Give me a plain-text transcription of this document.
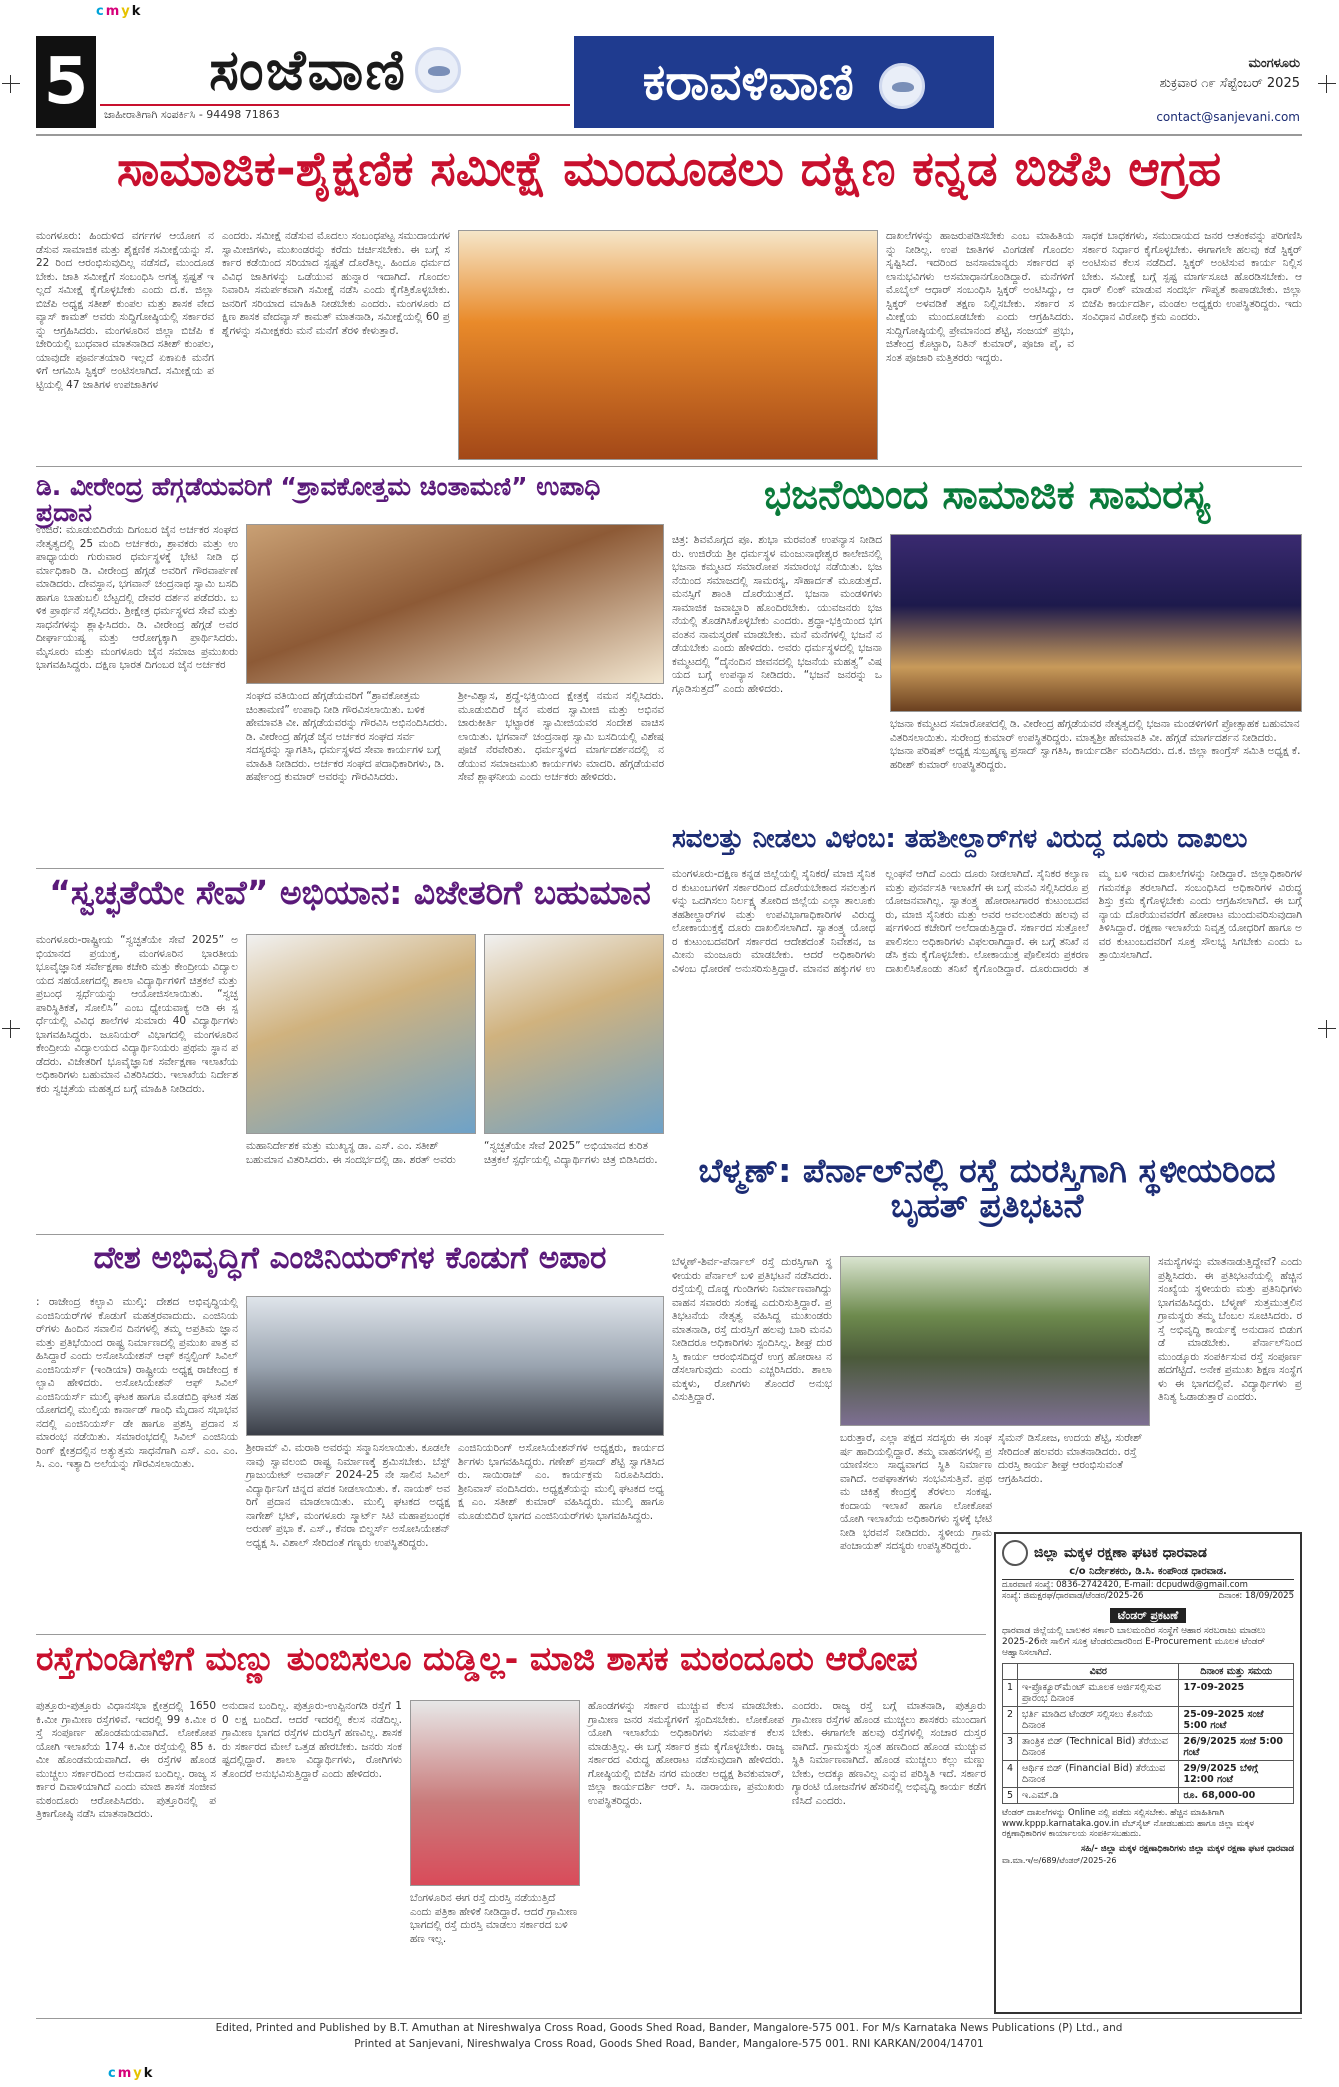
cmyk
cmyk
5 ಸಂಜೆವಾಣಿ
ಜಾಹೀರಾತಿಗಾಗಿ ಸಂಪರ್ಕಿಸಿ - 94498 71863
ಕರಾವಳಿವಾಣಿ	ಮಂಗಳೂರು
ಶುಕ್ರವಾರ ೧೯ ಸೆಪ್ಟೆಂಬರ್ 2025
contact@sanjevani.com
ಸಾಮಾಜಿಕ-ಶೈಕ್ಷಣಿಕ ಸಮೀಕ್ಷೆ ಮುಂದೂಡಲು ದಕ್ಷಿಣ ಕನ್ನಡ ಬಿಜೆಪಿ ಆಗ್ರಹ
ಮಂಗಳೂರು: ಹಿಂದುಳಿದ ವರ್ಗಗಳ ಆಯೋಗ ನಡೆಸುವ ಸಾಮಾಜಿಕ ಮತ್ತು ಶೈಕ್ಷಣಿಕ ಸಮೀಕ್ಷೆಯನ್ನು ಸೆ. 22 ರಿಂದ ಆರಂಭಿಸುವುದಿಲ್ಲ ನಡೆಸದೆ, ಮುಂದೂಡಬೇಕು. ಜಾತಿ ಸಮೀಕ್ಷೆಗೆ ಸಂಬಂಧಿಸಿ ಅಗತ್ಯ ಸ್ಪಷ್ಟತೆ ಇಲ್ಲದೆ ಸಮೀಕ್ಷೆ ಕೈಗೊಳ್ಳಬೇಕು ಎಂದು ದ.ಕ. ಜಿಲ್ಲಾ ಬಿಜೆಪಿ ಅಧ್ಯಕ್ಷ ಸತೀಶ್ ಕುಂಪಲ ಮತ್ತು ಶಾಸಕ ವೇದವ್ಯಾಸ್ ಕಾಮತ್ ಅವರು ಸುದ್ದಿಗೋಷ್ಠಿಯಲ್ಲಿ ಸರ್ಕಾರವನ್ನು ಆಗ್ರಹಿಸಿದರು. ಮಂಗಳೂರಿನ ಜಿಲ್ಲಾ ಬಿಜೆಪಿ ಕಚೇರಿಯಲ್ಲಿ ಬುಧವಾರ ಮಾತನಾಡಿದ ಸತೀಶ್ ಕುಂಪಲ, ಯಾವುದೇ ಪೂರ್ವತಯಾರಿ ಇಲ್ಲದೆ ಏಕಾಏಕಿ ಮನೆಗಳಿಗೆ ಆಗಮಿಸಿ ಸ್ಟಿಕ್ಕರ್ ಅಂಟಿಸಲಾಗಿದೆ. ಸಮೀಕ್ಷೆಯ ಪಟ್ಟಿಯಲ್ಲಿ 47 ಜಾತಿಗಳ ಉಪಜಾತಿಗಳ
ಎಂದರು. ಸಮೀಕ್ಷೆ ನಡೆಸುವ ಮೊದಲು ಸಂಬಂಧಪಟ್ಟ ಸಮುದಾಯಗಳ ಸ್ವಾಮೀಜಿಗಳು, ಮುಖಂಡರನ್ನು ಕರೆದು ಚರ್ಚಿಸಬೇಕು. ಈ ಬಗ್ಗೆ ಸರ್ಕಾರ ಕಡೆಯಿಂದ ಸರಿಯಾದ ಸ್ಪಷ್ಟತೆ ದೊರೆತಿಲ್ಲ. ಹಿಂದೂ ಧರ್ಮದ ವಿವಿಧ ಜಾತಿಗಳನ್ನು ಒಡೆಯುವ ಹುನ್ನಾರ ಇದಾಗಿದೆ. ಗೊಂದಲ ನಿವಾರಿಸಿ ಸಮರ್ಪಕವಾಗಿ ಸಮೀಕ್ಷೆ ನಡೆಸಿ ಎಂದು ಕೈಗೆತ್ತಿಕೊಳ್ಳಬೇಕು. ಜನರಿಗೆ ಸರಿಯಾದ ಮಾಹಿತಿ ನೀಡಬೇಕು ಎಂದರು. ಮಂಗಳೂರು ದಕ್ಷಿಣ ಶಾಸಕ ವೇದವ್ಯಾಸ್ ಕಾಮತ್ ಮಾತನಾಡಿ, ಸಮೀಕ್ಷೆಯಲ್ಲಿ 60 ಪ್ರಶ್ನೆಗಳನ್ನು ಸಮೀಕ್ಷಕರು ಮನೆ ಮನೆಗೆ ತೆರಳಿ ಕೇಳುತ್ತಾರೆ.
ದಾಖಲೆಗಳನ್ನು ಹಾಜರುಪಡಿಸಬೇಕು ಎಂಬ ಮಾಹಿತಿಯನ್ನು ನೀಡಿಲ್ಲ. ಉಪ ಜಾತಿಗಳ ವಿಂಗಡಣೆ ಗೊಂದಲ ಸೃಷ್ಟಿಸಿದೆ. ಇದರಿಂದ ಜನಸಾಮಾನ್ಯರು ಸರ್ಕಾರದ ಫಲಾನುಭವಿಗಳು ಅಸಮಾಧಾನಗೊಂಡಿದ್ದಾರೆ. ಮನೆಗಳಿಗೆ ಮೊಬೈಲ್ ಆಧಾರ್ ಸಂಬಂಧಿಸಿ ಸ್ಟಿಕ್ಕರ್ ಅಂಟಿಸಿದ್ದು, ಆ ಸ್ಟಿಕ್ಕರ್ ಅಳವಡಿಕೆ ತಕ್ಷಣ ನಿಲ್ಲಿಸಬೇಕು. ಸರ್ಕಾರ ಸಮೀಕ್ಷೆಯ ಮುಂದೂಡಬೇಕು ಎಂದು ಆಗ್ರಹಿಸಿದರು. ಸುದ್ದಿಗೋಷ್ಠಿಯಲ್ಲಿ ಪ್ರೇಮಾನಂದ ಶೆಟ್ಟಿ, ಸಂಜಯ್ ಪ್ರಭು, ಜಿತೇಂದ್ರ ಕೊಟ್ಟಾರಿ, ನಿತಿನ್ ಕುಮಾರ್, ಪೂಜಾ ಪೈ, ವಸಂತ ಪೂಜಾರಿ ಮತ್ತಿತರರು ಇದ್ದರು.
ಸಾಧಕ ಬಾಧಕಗಳು, ಸಮುದಾಯದ ಜನರ ಆತಂಕವನ್ನು ಪರಿಗಣಿಸಿ ಸರ್ಕಾರ ನಿರ್ಧಾರ ಕೈಗೊಳ್ಳಬೇಕು. ಈಗಾಗಲೇ ಹಲವು ಕಡೆ ಸ್ಟಿಕ್ಕರ್ ಅಂಟಿಸುವ ಕೆಲಸ ನಡೆದಿದೆ. ಸ್ಟಿಕ್ಕರ್ ಅಂಟಿಸುವ ಕಾರ್ಯ ನಿಲ್ಲಿಸಬೇಕು. ಸಮೀಕ್ಷೆ ಬಗ್ಗೆ ಸ್ಪಷ್ಟ ಮಾರ್ಗಸೂಚಿ ಹೊರಡಿಸಬೇಕು. ಆಧಾರ್ ಲಿಂಕ್ ಮಾಡುವ ಸಂದರ್ಭ ಗೌಪ್ಯತೆ ಕಾಪಾಡಬೇಕು. ಜಿಲ್ಲಾ ಬಿಜೆಪಿ ಕಾರ್ಯದರ್ಶಿ, ಮಂಡಲ ಅಧ್ಯಕ್ಷರು ಉಪಸ್ಥಿತರಿದ್ದರು. ಇದು ಸಂವಿಧಾನ ವಿರೋಧಿ ಕ್ರಮ ಎಂದರು.
ಡಿ. ವೀರೇಂದ್ರ ಹೆಗ್ಗಡೆಯವರಿಗೆ “ಶ್ರಾವಕೋತ್ತಮ ಚಿಂತಾಮಣಿ” ಉಪಾಧಿ ಪ್ರದಾನ
ಉಜಿರೆ: ಮೂಡುಬಿದಿರೆಯ ದಿಗಂಬರ ಜೈನ ಅರ್ಚಕರ ಸಂಘದ ನೇತೃತ್ವದಲ್ಲಿ 25 ಮಂದಿ ಅರ್ಚಕರು, ಶ್ರಾವಕರು ಮತ್ತು ಉಪಾಧ್ಯಾಯರು ಗುರುವಾರ ಧರ್ಮಸ್ಥಳಕ್ಕೆ ಭೇಟಿ ನೀಡಿ ಧರ್ಮಾಧಿಕಾರಿ ಡಿ. ವೀರೇಂದ್ರ ಹೆಗ್ಗಡೆ ಅವರಿಗೆ ಗೌರವಾರ್ಪಣೆ ಮಾಡಿದರು. ದೇವಸ್ಥಾನ, ಭಗವಾನ್ ಚಂದ್ರನಾಥ ಸ್ವಾಮಿ ಬಸದಿ ಹಾಗೂ ಬಾಹುಬಲಿ ಬೆಟ್ಟದಲ್ಲಿ ದೇವರ ದರ್ಶನ ಪಡೆದರು. ಬಳಿಕ ಪ್ರಾರ್ಥನೆ ಸಲ್ಲಿಸಿದರು. ಶ್ರೀಕ್ಷೇತ್ರ ಧರ್ಮಸ್ಥಳದ ಸೇವೆ ಮತ್ತು ಸಾಧನೆಗಳನ್ನು ಶ್ಲಾಘಿಸಿದರು. ಡಿ. ವೀರೇಂದ್ರ ಹೆಗ್ಗಡೆ ಅವರ ದೀರ್ಘಾಯುಷ್ಯ ಮತ್ತು ಆರೋಗ್ಯಕ್ಕಾಗಿ ಪ್ರಾರ್ಥಿಸಿದರು. ಮೈಸೂರು ಮತ್ತು ಮಂಗಳೂರು ಜೈನ ಸಮಾಜ ಪ್ರಮುಖರು ಭಾಗವಹಿಸಿದ್ದರು. ದಕ್ಷಿಣ ಭಾರತ ದಿಗಂಬರ ಜೈನ ಅರ್ಚಕರ
ಸಂಘದ ವತಿಯಿಂದ ಹೆಗ್ಗಡೆಯವರಿಗೆ “ಶ್ರಾವಕೋತ್ತಮ ಚಿಂತಾಮಣಿ” ಉಪಾಧಿ ನೀಡಿ ಗೌರವಿಸಲಾಯಿತು. ಬಳಿಕ ಹೇಮಾವತಿ ವೀ. ಹೆಗ್ಗಡೆಯವರನ್ನು ಗೌರವಿಸಿ ಅಭಿನಂದಿಸಿದರು. ಡಿ. ವೀರೇಂದ್ರ ಹೆಗ್ಗಡೆ ಜೈನ ಅರ್ಚಕರ ಸಂಘದ ಸರ್ವ ಸದಸ್ಯರನ್ನು ಸ್ವಾಗತಿಸಿ, ಧರ್ಮಸ್ಥಳದ ಸೇವಾ ಕಾರ್ಯಗಳ ಬಗ್ಗೆ ಮಾಹಿತಿ ನೀಡಿದರು. ಅರ್ಚಕರ ಸಂಘದ ಪದಾಧಿಕಾರಿಗಳು, ಡಿ. ಹರ್ಷೇಂದ್ರ ಕುಮಾರ್ ಅವರನ್ನು ಗೌರವಿಸಿದರು.
ಶ್ರೀ-ವಿಶ್ವಾಸ, ಶ್ರದ್ಧೆ-ಭಕ್ತಿಯಿಂದ ಕ್ಷೇತ್ರಕ್ಕೆ ನಮನ ಸಲ್ಲಿಸಿದರು. ಮೂಡುಬಿದಿರೆ ಜೈನ ಮಠದ ಸ್ವಾಮೀಜಿ ಮತ್ತು ಅಭಿನವ ಚಾರುಕೀರ್ತಿ ಭಟ್ಟಾರಕ ಸ್ವಾಮೀಜಿಯವರ ಸಂದೇಶ ವಾಚಿಸಲಾಯಿತು. ಭಗವಾನ್ ಚಂದ್ರನಾಥ ಸ್ವಾಮಿ ಬಸದಿಯಲ್ಲಿ ವಿಶೇಷ ಪೂಜೆ ನೆರವೇರಿತು. ಧರ್ಮಸ್ಥಳದ ಮಾರ್ಗದರ್ಶನದಲ್ಲಿ ನಡೆಯುವ ಸಮಾಜಮುಖಿ ಕಾರ್ಯಗಳು ಮಾದರಿ. ಹೆಗ್ಗಡೆಯವರ ಸೇವೆ ಶ್ಲಾಘನೀಯ ಎಂದು ಅರ್ಚಕರು ಹೇಳಿದರು.
ಭಜನೆಯಿಂದ ಸಾಮಾಜಿಕ ಸಾಮರಸ್ಯ
ಚಿತ್ರ: ಶಿವಮೊಗ್ಗದ ಪೂ. ಶುಭಾ ಮರವಂತೆ ಉಪನ್ಯಾಸ ನೀಡಿದರು. ಉಜಿರೆಯ ಶ್ರೀ ಧರ್ಮಸ್ಥಳ ಮಂಜುನಾಥೇಶ್ವರ ಕಾಲೇಜಿನಲ್ಲಿ ಭಜನಾ ಕಮ್ಮಟದ ಸಮಾರೋಪ ಸಮಾರಂಭ ನಡೆಯಿತು. ಭಜನೆಯಿಂದ ಸಮಾಜದಲ್ಲಿ ಸಾಮರಸ್ಯ, ಸೌಹಾರ್ದತೆ ಮೂಡುತ್ತದೆ. ಮನಸ್ಸಿಗೆ ಶಾಂತಿ ದೊರೆಯುತ್ತದೆ. ಭಜನಾ ಮಂಡಳಿಗಳು ಸಾಮಾಜಿಕ ಜವಾಬ್ದಾರಿ ಹೊಂದಿರಬೇಕು. ಯುವಜನರು ಭಜನೆಯಲ್ಲಿ ತೊಡಗಿಸಿಕೊಳ್ಳಬೇಕು ಎಂದರು. ಶ್ರದ್ಧಾ-ಭಕ್ತಿಯಿಂದ ಭಗವಂತನ ನಾಮಸ್ಮರಣೆ ಮಾಡಬೇಕು. ಮನೆ ಮನೆಗಳಲ್ಲಿ ಭಜನೆ ನಡೆಯಬೇಕು ಎಂದು ಹೇಳಿದರು. ಅವರು ಧರ್ಮಸ್ಥಳದಲ್ಲಿ ಭಜನಾ ಕಮ್ಮಟದಲ್ಲಿ “ದೈನಂದಿನ ಜೀವನದಲ್ಲಿ ಭಜನೆಯ ಮಹತ್ವ” ವಿಷಯದ ಬಗ್ಗೆ ಉಪನ್ಯಾಸ ನೀಡಿದರು. “ಭಜನೆ ಜನರನ್ನು ಒಗ್ಗೂಡಿಸುತ್ತದೆ” ಎಂದು ಹೇಳಿದರು.
ಭಜನಾ ಕಮ್ಮಟದ ಸಮಾರೋಪದಲ್ಲಿ ಡಿ. ವೀರೇಂದ್ರ ಹೆಗ್ಗಡೆಯವರ ನೇತೃತ್ವದಲ್ಲಿ ಭಜನಾ ಮಂಡಳಿಗಳಿಗೆ ಪ್ರೋತ್ಸಾಹಕ ಬಹುಮಾನ ವಿತರಿಸಲಾಯಿತು. ಸುರೇಂದ್ರ ಕುಮಾರ್ ಉಪಸ್ಥಿತರಿದ್ದರು. ಮಾತೃಶ್ರೀ ಹೇಮಾವತಿ ವೀ. ಹೆಗ್ಗಡೆ ಮಾರ್ಗದರ್ಶನ ನೀಡಿದರು. ಭಜನಾ ಪರಿಷತ್ ಅಧ್ಯಕ್ಷ ಸುಬ್ರಹ್ಮಣ್ಯ ಪ್ರಸಾದ್ ಸ್ವಾಗತಿಸಿ, ಕಾರ್ಯದರ್ಶಿ ವಂದಿಸಿದರು. ದ.ಕ. ಜಿಲ್ಲಾ ಕಾಂಗ್ರೆಸ್ ಸಮಿತಿ ಅಧ್ಯಕ್ಷ ಕೆ. ಹರೀಶ್ ಕುಮಾರ್ ಉಪಸ್ಥಿತರಿದ್ದರು.
ಸವಲತ್ತು ನೀಡಲು ವಿಳಂಬ: ತಹಶೀಲ್ದಾರ್‌ಗಳ ವಿರುದ್ಧ ದೂರು ದಾಖಲು
ಮಂಗಳೂರು-ದಕ್ಷಿಣ ಕನ್ನಡ ಜಿಲ್ಲೆಯಲ್ಲಿ ಸೈನಿಕರ/ ಮಾಜಿ ಸೈನಿಕರ ಕುಟುಂಬಗಳಿಗೆ ಸರ್ಕಾರದಿಂದ ದೊರೆಯಬೇಕಾದ ಸವಲತ್ತುಗಳನ್ನು ಒದಗಿಸಲು ನಿರ್ಲಕ್ಷ್ಯ ತೋರಿದ ಜಿಲ್ಲೆಯ ಎಲ್ಲಾ ತಾಲೂಕು ತಹಶೀಲ್ದಾರ್‌ಗಳ ಮತ್ತು ಉಪವಿಭಾಗಾಧಿಕಾರಿಗಳ ವಿರುದ್ಧ ಲೋಕಾಯುಕ್ತಕ್ಕೆ ದೂರು ದಾಖಲಿಸಲಾಗಿದೆ. ಸ್ವಾತಂತ್ರ್ಯ ಯೋಧರ ಕುಟುಂಬದವರಿಗೆ ಸರ್ಕಾರದ ಆದೇಶದಂತೆ ನಿವೇಶನ, ಜಮೀನು ಮಂಜೂರು ಮಾಡಬೇಕು. ಆದರೆ ಅಧಿಕಾರಿಗಳು ವಿಳಂಬ ಧೋರಣೆ ಅನುಸರಿಸುತ್ತಿದ್ದಾರೆ. ಮಾನವ ಹಕ್ಕುಗಳ ಉಲ್ಲಂಘನೆ ಆಗಿದೆ ಎಂದು ದೂರು ನೀಡಲಾಗಿದೆ. ಸೈನಿಕರ ಕಲ್ಯಾಣ ಮತ್ತು ಪುನರ್ವಸತಿ ಇಲಾಖೆಗೆ ಈ ಬಗ್ಗೆ ಮನವಿ ಸಲ್ಲಿಸಿದರೂ ಪ್ರಯೋಜನವಾಗಿಲ್ಲ. ಸ್ವಾತಂತ್ರ್ಯ ಹೋರಾಟಗಾರರ ಕುಟುಂಬದವರು, ಮಾಜಿ ಸೈನಿಕರು ಮತ್ತು ಅವರ ಅವಲಂಬಿತರು ಹಲವು ವರ್ಷಗಳಿಂದ ಕಚೇರಿಗೆ ಅಲೆದಾಡುತ್ತಿದ್ದಾರೆ. ಸರ್ಕಾರದ ಸುತ್ತೋಲೆ ಪಾಲಿಸಲು ಅಧಿಕಾರಿಗಳು ವಿಫಲರಾಗಿದ್ದಾರೆ. ಈ ಬಗ್ಗೆ ತನಿಖೆ ನಡೆಸಿ ಕ್ರಮ ಕೈಗೊಳ್ಳಬೇಕು. ಲೋಕಾಯುಕ್ತ ಪೊಲೀಸರು ಪ್ರಕರಣ ದಾಖಲಿಸಿಕೊಂಡು ತನಿಖೆ ಕೈಗೊಂಡಿದ್ದಾರೆ. ದೂರುದಾರರು ತಮ್ಮ ಬಳಿ ಇರುವ ದಾಖಲೆಗಳನ್ನು ನೀಡಿದ್ದಾರೆ. ಜಿಲ್ಲಾಧಿಕಾರಿಗಳ ಗಮನಕ್ಕೂ ತರಲಾಗಿದೆ. ಸಂಬಂಧಿಸಿದ ಅಧಿಕಾರಿಗಳ ವಿರುದ್ಧ ಶಿಸ್ತು ಕ್ರಮ ಕೈಗೊಳ್ಳಬೇಕು ಎಂದು ಆಗ್ರಹಿಸಲಾಗಿದೆ. ಈ ಬಗ್ಗೆ ನ್ಯಾಯ ದೊರೆಯುವವರೆಗೆ ಹೋರಾಟ ಮುಂದುವರಿಸುವುದಾಗಿ ತಿಳಿಸಿದ್ದಾರೆ. ರಕ್ಷಣಾ ಇಲಾಖೆಯ ನಿವೃತ್ತ ಯೋಧರಿಗೆ ಹಾಗೂ ಅವರ ಕುಟುಂಬದವರಿಗೆ ಸೂಕ್ತ ಸೌಲಭ್ಯ ಸಿಗಬೇಕು ಎಂದು ಒತ್ತಾಯಿಸಲಾಗಿದೆ.
“ಸ್ವಚ್ಛತೆಯೇ ಸೇವೆ” ಅಭಿಯಾನ: ವಿಜೇತರಿಗೆ ಬಹುಮಾನ
ಮಂಗಳೂರು-ರಾಷ್ಟ್ರೀಯ “ಸ್ವಚ್ಛತೆಯೇ ಸೇವೆ 2025” ಅಭಿಯಾನದ ಪ್ರಯುಕ್ತ, ಮಂಗಳೂರಿನ ಭಾರತೀಯ ಭೂವೈಜ್ಞಾನಿಕ ಸರ್ವೇಕ್ಷಣಾ ಕಚೇರಿ ಮತ್ತು ಕೇಂದ್ರೀಯ ವಿದ್ಯಾಲಯದ ಸಹಯೋಗದಲ್ಲಿ ಶಾಲಾ ವಿದ್ಯಾರ್ಥಿಗಳಿಗೆ ಚಿತ್ರಕಲೆ ಮತ್ತು ಪ್ರಬಂಧ ಸ್ಪರ್ಧೆಯನ್ನು ಆಯೋಜಿಸಲಾಯಿತು. “ಸ್ವಚ್ಛ ಪಾರಿಸ್ಥಿತಿಕತೆ, ಸೋಲಿಸಿ” ಎಂಬ ಧ್ಯೇಯವಾಕ್ಯ ಅಡಿ ಈ ಸ್ಪರ್ಧೆಯಲ್ಲಿ ವಿವಿಧ ಶಾಲೆಗಳ ಸುಮಾರು 40 ವಿದ್ಯಾರ್ಥಿಗಳು ಭಾಗವಹಿಸಿದ್ದರು. ಜೂನಿಯರ್ ವಿಭಾಗದಲ್ಲಿ ಮಂಗಳೂರಿನ ಕೇಂದ್ರೀಯ ವಿದ್ಯಾಲಯದ ವಿದ್ಯಾರ್ಥಿನಿಯರು ಪ್ರಥಮ ಸ್ಥಾನ ಪಡೆದರು. ವಿಜೇತರಿಗೆ ಭೂವೈಜ್ಞಾನಿಕ ಸರ್ವೇಕ್ಷಣಾ ಇಲಾಖೆಯ ಅಧಿಕಾರಿಗಳು ಬಹುಮಾನ ವಿತರಿಸಿದರು. ಇಲಾಖೆಯ ನಿರ್ದೇಶಕರು ಸ್ವಚ್ಛತೆಯ ಮಹತ್ವದ ಬಗ್ಗೆ ಮಾಹಿತಿ ನೀಡಿದರು.
ಮಹಾನಿರ್ದೇಶಕ ಮತ್ತು ಮುಖ್ಯಸ್ಥ ಡಾ. ಎಸ್. ಎಂ. ಸತೀಶ್ ಬಹುಮಾನ ವಿತರಿಸಿದರು. ಈ ಸಂದರ್ಭದಲ್ಲಿ ಡಾ. ಶರತ್ ಅವರು
“ಸ್ವಚ್ಛತೆಯೇ ಸೇವೆ 2025” ಅಭಿಯಾನದ ಕುರಿತ ಚಿತ್ರಕಲೆ ಸ್ಪರ್ಧೆಯಲ್ಲಿ ವಿದ್ಯಾರ್ಥಿಗಳು ಚಿತ್ರ ಬಿಡಿಸಿದರು.	ಬೆಳ್ಮಣ್: ಪೆರ್ನಾಲ್‌ನಲ್ಲಿ ರಸ್ತೆ ದುರಸ್ತಿಗಾಗಿ ಸ್ಥಳೀಯರಿಂದ ಬೃಹತ್ ಪ್ರತಿಭಟನೆ
ಬೆಳ್ಮಣ್-ಶಿರ್ವ-ಪೆರ್ನಾಲ್ ರಸ್ತೆ ದುರಸ್ತಿಗಾಗಿ ಸ್ಥಳೀಯರು ಪೆರ್ನಾಲ್ ಬಳಿ ಪ್ರತಿಭಟನೆ ನಡೆಸಿದರು. ರಸ್ತೆಯಲ್ಲಿ ದೊಡ್ಡ ಗುಂಡಿಗಳು ನಿರ್ಮಾಣವಾಗಿದ್ದು ವಾಹನ ಸವಾರರು ಸಂಕಷ್ಟ ಎದುರಿಸುತ್ತಿದ್ದಾರೆ. ಪ್ರತಿಭಟನೆಯ ನೇತೃತ್ವ ವಹಿಸಿದ್ದ ಮುಖಂಡರು ಮಾತನಾಡಿ, ರಸ್ತೆ ದುರಸ್ತಿಗೆ ಹಲವು ಬಾರಿ ಮನವಿ ನೀಡಿದರೂ ಅಧಿಕಾರಿಗಳು ಸ್ಪಂದಿಸಿಲ್ಲ. ಶೀಘ್ರ ದುರಸ್ತಿ ಕಾರ್ಯ ಆರಂಭಿಸದಿದ್ದರೆ ಉಗ್ರ ಹೋರಾಟ ನಡೆಸಲಾಗುವುದು ಎಂದು ಎಚ್ಚರಿಸಿದರು. ಶಾಲಾ ಮಕ್ಕಳು, ರೋಗಿಗಳು ತೊಂದರೆ ಅನುಭವಿಸುತ್ತಿದ್ದಾರೆ.
ಸಮಸ್ಯೆಗಳನ್ನು ಮಾತನಾಡುತ್ತಿದ್ದೇವೆ? ಎಂದು ಪ್ರಶ್ನಿಸಿದರು. ಈ ಪ್ರತಿಭಟನೆಯಲ್ಲಿ ಹೆಚ್ಚಿನ ಸಂಖ್ಯೆಯ ಸ್ಥಳೀಯರು ಮತ್ತು ಪ್ರತಿನಿಧಿಗಳು ಭಾಗವಹಿಸಿದ್ದರು. ಬೆಳ್ಮಣ್ ಸುತ್ತಮುತ್ತಲಿನ ಗ್ರಾಮಸ್ಥರು ತಮ್ಮ ಬೆಂಬಲ ಸೂಚಿಸಿದರು. ರಸ್ತೆ ಅಭಿವೃದ್ಧಿ ಕಾರ್ಯಕ್ಕೆ ಅನುದಾನ ಬಿಡುಗಡೆ ಮಾಡಬೇಕು. ಪೆರ್ನಾಲ್‌ನಿಂದ ಮುಂಡ್ಕೂರು ಸಂಪರ್ಕಿಸುವ ರಸ್ತೆ ಸಂಪೂರ್ಣ ಹದಗೆಟ್ಟಿದೆ. ಅನೇಕ ಪ್ರಮುಖ ಶಿಕ್ಷಣ ಸಂಸ್ಥೆಗಳು ಈ ಭಾಗದಲ್ಲಿವೆ. ವಿದ್ಯಾರ್ಥಿಗಳು ಪ್ರತಿನಿತ್ಯ ಓಡಾಡುತ್ತಾರೆ ಎಂದರು.
ಬರುತ್ತಾರೆ, ಎಲ್ಲಾ ಪಕ್ಷದ ಸದಸ್ಯರು ಈ ಸಂಘರ್ಷ ಹಾದಿಯಲ್ಲಿದ್ದಾರೆ. ತಮ್ಮ ವಾಹನಗಳಲ್ಲಿ ಪ್ರಯಾಣಿಸಲು ಸಾಧ್ಯವಾಗದ ಸ್ಥಿತಿ ನಿರ್ಮಾಣವಾಗಿದೆ. ಅಪಘಾತಗಳು ಸಂಭವಿಸುತ್ತಿವೆ. ಪ್ರಥಮ ಚಿಕಿತ್ಸೆ ಕೇಂದ್ರಕ್ಕೆ ತೆರಳಲು ಸಂಕಷ್ಟ. ಕಂದಾಯ ಇಲಾಖೆ ಹಾಗೂ ಲೋಕೋಪಯೋಗಿ ಇಲಾಖೆಯ ಅಧಿಕಾರಿಗಳು ಸ್ಥಳಕ್ಕೆ ಭೇಟಿ ನೀಡಿ ಭರವಸೆ ನೀಡಿದರು. ಸ್ಥಳೀಯ ಗ್ರಾಮ ಪಂಚಾಯತ್ ಸದಸ್ಯರು ಉಪಸ್ಥಿತರಿದ್ದರು.
ಸೈಮನ್ ಡಿಸೋಜ, ಉದಯ ಶೆಟ್ಟಿ, ಸುರೇಶ್ ಸೇರಿದಂತೆ ಹಲವರು ಮಾತನಾಡಿದರು. ರಸ್ತೆ ದುರಸ್ತಿ ಕಾರ್ಯ ಶೀಘ್ರ ಆರಂಭಿಸುವಂತೆ ಆಗ್ರಹಿಸಿದರು.
ದೇಶ ಅಭಿವೃದ್ಧಿಗೆ ಎಂಜಿನಿಯರ್‌ಗಳ ಕೊಡುಗೆ ಅಪಾರ
: ರಾಜೇಂದ್ರ ಕಲ್ಬಾವಿ ಮುಲ್ಕಿ: ದೇಶದ ಅಭಿವೃದ್ಧಿಯಲ್ಲಿ ಎಂಜಿನಿಯರ್‌ಗಳ ಕೊಡುಗೆ ಮಹತ್ತರವಾದುದು. ಎಂಜಿನಿಯರ್‌ಗಳು ಹಿಂದಿನ ಸವಾಲಿನ ದಿನಗಳಲ್ಲಿ ತಮ್ಮ ಅಪ್ರತಿಮ ಜ್ಞಾನ ಮತ್ತು ಪ್ರತಿಭೆಯಿಂದ ರಾಷ್ಟ್ರ ನಿರ್ಮಾಣದಲ್ಲಿ ಪ್ರಮುಖ ಪಾತ್ರ ವಹಿಸಿದ್ದಾರೆ ಎಂದು ಅಸೋಸಿಯೇಶನ್ ಆಫ್ ಕನ್ಸಲ್ಟಿಂಗ್ ಸಿವಿಲ್ ಎಂಜಿನಿಯರ್ಸ್ (ಇಂಡಿಯಾ) ರಾಷ್ಟ್ರೀಯ ಅಧ್ಯಕ್ಷ ರಾಜೇಂದ್ರ ಕಲ್ಬಾವಿ ಹೇಳಿದರು. ಅಸೋಸಿಯೇಶನ್ ಆಫ್ ಸಿವಿಲ್ ಎಂಜಿನಿಯರ್ಸ್ ಮುಲ್ಕಿ ಘಟಕ ಹಾಗೂ ಮೊಡಬಿದ್ರಿ ಘಟಕ ಸಹಯೋಗದಲ್ಲಿ ಮುಲ್ಕಿಯ ಕಾರ್ನಾಡ್ ಗಾಂಧಿ ಮೈದಾನ ಸಭಾಭವನದಲ್ಲಿ ಎಂಜಿನಿಯರ್ಸ್ ಡೇ ಹಾಗೂ ಪ್ರಶಸ್ತಿ ಪ್ರದಾನ ಸಮಾರಂಭ ನಡೆಯಿತು. ಸಮಾರಂಭದಲ್ಲಿ ಸಿವಿಲ್ ಎಂಜಿನಿಯರಿಂಗ್ ಕ್ಷೇತ್ರದಲ್ಲಿನ ಅತ್ಯುತ್ತಮ ಸಾಧನೆಗಾಗಿ ಎಸ್. ಎಂ. ಎಂ. ಸಿ. ಎಂ. ಇತ್ಯಾದಿ ಅಲೆಯನ್ನು ಗೌರವಿಸಲಾಯಿತು.
ಶ್ರೀರಾಮ್ ವಿ. ಮರಾಠಿ ಅವರನ್ನು ಸನ್ಮಾನಿಸಲಾಯಿತು. ಕೂಡಲೇ ನಾವು ಸ್ವಾವಲಂಬಿ ರಾಷ್ಟ್ರ ನಿರ್ಮಾಣಕ್ಕೆ ಶ್ರಮಿಸಬೇಕು. ಬೆಸ್ಟ್ ಗ್ರಾಜುಯೇಟ್ ಅವಾರ್ಡ್ 2024-25 ನೇ ಸಾಲಿನ ಸಿವಿಲ್ ವಿದ್ಯಾರ್ಥಿನಿಗೆ ಚಿನ್ನದ ಪದಕ ನೀಡಲಾಯಿತು. ಕೆ. ನಾಯಕ್ ಅವರಿಗೆ ಪ್ರದಾನ ಮಾಡಲಾಯಿತು. ಮುಲ್ಕಿ ಘಟಕದ ಅಧ್ಯಕ್ಷ ನಾಗೇಶ್ ಭಟ್, ಮಂಗಳೂರು ಸ್ಮಾರ್ಟ್ ಸಿಟಿ ಮಹಾಪ್ರಬಂಧಕ ಅರುಣ್ ಪ್ರಭಾ ಕೆ. ಎಸ್., ಕೆನರಾ ಬಿಲ್ಡರ್ಸ್ ಅಸೋಸಿಯೇಶನ್ ಅಧ್ಯಕ್ಷ ಸಿ. ವಿಶಾಲ್ ಸೇರಿದಂತೆ ಗಣ್ಯರು ಉಪಸ್ಥಿತರಿದ್ದರು.
ಎಂಜಿನಿಯರಿಂಗ್ ಅಸೋಸಿಯೇಶನ್‌ಗಳ ಅಧ್ಯಕ್ಷರು, ಕಾರ್ಯದರ್ಶಿಗಳು ಭಾಗವಹಿಸಿದ್ದರು. ಗಣೇಶ್ ಪ್ರಸಾದ್ ಶೆಟ್ಟಿ ಸ್ವಾಗತಿಸಿದರು. ಸಾಯಿರಾಜ್ ಎಂ. ಕಾರ್ಯಕ್ರಮ ನಿರೂಪಿಸಿದರು. ಶ್ರೀನಿವಾಸ್ ವಂದಿಸಿದರು. ಅಧ್ಯಕ್ಷತೆಯನ್ನು ಮುಲ್ಕಿ ಘಟಕದ ಅಧ್ಯಕ್ಷ ಎಂ. ಸತೀಶ್ ಕುಮಾರ್ ವಹಿಸಿದ್ದರು. ಮುಲ್ಕಿ ಹಾಗೂ ಮೂಡುಬಿದಿರೆ ಭಾಗದ ಎಂಜಿನಿಯರ್‌ಗಳು ಭಾಗವಹಿಸಿದ್ದರು.
ಜಿಲ್ಲಾ ಮಕ್ಕಳ ರಕ್ಷಣಾ ಘಟಕ ಧಾರವಾಡ
c/o ನಿರ್ದೇಶಕರು, ಡಿ.ಸಿ. ಕಂಪೌಂಡ ಧಾರವಾಡ.
ದೂರವಾಣಿ ಸಂಖ್ಯೆ: 0836-2742420, E-mail: dcpudwd@gmail.com
ಸಂಖ್ಯೆ: ಜಿಮಕ್ಷರಘ/ಧಾರವಾಡ/ಟೆಂಡರ/2025-26	ದಿನಾಂಕ: 18/09/2025
ಟೆಂಡರ್ ಪ್ರಕಟಣೆ
ಧಾರವಾಡ ಜಿಲ್ಲೆಯಲ್ಲಿ ಬಾಲಕರ ಸರ್ಕಾರಿ ಬಾಲಮಂದಿರ ಸಂಸ್ಥೆಗೆ ಆಹಾರ ಸರಬರಾಜು ಮಾಡಲು 2025-26ನೇ ಸಾಲಿಗೆ ಸೂಕ್ತ ಟೆಂಡರುದಾರರಿಂದ E-Procurement ಮೂಲಕ ಟೆಂಡರ್ ಆಹ್ವಾನಿಸಲಾಗಿದೆ.
	ವಿವರ	ದಿನಾಂಕ ಮತ್ತು ಸಮಯ
1	ಇ-ಪ್ರೊಕ್ಯೂರ್‌ಮೆಂಟ್ ಮೂಲಕ ಅರ್ಜಿಸಲ್ಲಿಸುವ ಪ್ರಾರಂಭ ದಿನಾಂಕ	17-09-2025
2	ಭರ್ತಿ ಮಾಡಿದ ಟೆಂಡರ್ ಸಲ್ಲಿಸಲು ಕೊನೆಯ ದಿನಾಂಕ	25-09-2025 ಸಂಜೆ 5:00 ಗಂಟೆ
3	ತಾಂತ್ರಿಕ ಬಿಡ್ (Technical Bid) ತೆರೆಯುವ ದಿನಾಂಕ	26/9/2025 ಸಂಜೆ 5:00 ಗಂಟೆ
4	ಆರ್ಥಿಕ ಬಿಡ್ (Financial Bid) ತೆರೆಯುವ ದಿನಾಂಕ	29/9/2025 ಬೆಳಿಗ್ಗೆ 12:00 ಗಂಟೆ
5	ಇ.ಎಮ್.ಡಿ	ರೂ. 68,000-00
ಟೆಂಡರ್ ದಾಖಲೆಗಳನ್ನು Online ನಲ್ಲಿ ಪಡೆದು ಸಲ್ಲಿಸಬೇಕು. ಹೆಚ್ಚಿನ ಮಾಹಿತಿಗಾಗಿ www.kppp.karnataka.gov.in ವೆಬ್‌ಸೈಟ್ ನೋಡಬಹುದು ಹಾಗೂ ಜಿಲ್ಲಾ ಮಕ್ಕಳ ರಕ್ಷಣಾಧಿಕಾರಿಗಳ ಕಾರ್ಯಾಲಯ ಸಂಪರ್ಕಿಸಬಹುದು.
ಸಹಿ/- ಜಿಲ್ಲಾ ಮಕ್ಕಳ ರಕ್ಷಣಾಧಿಕಾರಿಗಳು ಜಿಲ್ಲಾ ಮಕ್ಕಳ ರಕ್ಷಣಾ ಘಟಕ ಧಾರವಾಡ
ವಾ.ಮಾ.ಇ/ಅ/689/ಟೆಂಡರ್/2025-26
ರಸ್ತೆಗುಂಡಿಗಳಿಗೆ ಮಣ್ಣು ತುಂಬಿಸಲೂ ದುಡ್ಡಿಲ್ಲ- ಮಾಜಿ ಶಾಸಕ ಮಠಂದೂರು ಆರೋಪ
ಪುತ್ತೂರು-ಪುತ್ತೂರು ವಿಧಾನಸಭಾ ಕ್ಷೇತ್ರದಲ್ಲಿ 1650 ಕಿ.ಮೀ ಗ್ರಾಮೀಣ ರಸ್ತೆಗಳಿವೆ. ಇದರಲ್ಲಿ 99 ಕಿ.ಮೀ ರಸ್ತೆ ಸಂಪೂರ್ಣ ಹೊಂಡಮಯವಾಗಿದೆ. ಲೋಕೋಪಯೋಗಿ ಇಲಾಖೆಯ 174 ಕಿ.ಮೀ ರಸ್ತೆಯಲ್ಲಿ 85 ಕಿ.ಮೀ ಹೊಂಡಮಯವಾಗಿದೆ. ಈ ರಸ್ತೆಗಳ ಹೊಂಡ ಮುಚ್ಚಲು ಸರ್ಕಾರದಿಂದ ಅನುದಾನ ಬಂದಿಲ್ಲ. ರಾಜ್ಯ ಸರ್ಕಾರ ದಿವಾಳಿಯಾಗಿದೆ ಎಂದು ಮಾಜಿ ಶಾಸಕ ಸಂಜೀವ ಮಠಂದೂರು ಆರೋಪಿಸಿದರು. ಪುತ್ತೂರಿನಲ್ಲಿ ಪತ್ರಿಕಾಗೋಷ್ಠಿ ನಡೆಸಿ ಮಾತನಾಡಿದರು.
ಅನುದಾನ ಬಂದಿಲ್ಲ. ಪುತ್ತೂರು-ಉಪ್ಪಿನಂಗಡಿ ರಸ್ತೆಗೆ 10 ಲಕ್ಷ ಬಂದಿದೆ. ಆದರೆ ಇದರಲ್ಲಿ ಕೆಲಸ ನಡೆದಿಲ್ಲ. ಗ್ರಾಮೀಣ ಭಾಗದ ರಸ್ತೆಗಳ ದುರಸ್ತಿಗೆ ಹಣವಿಲ್ಲ. ಶಾಸಕರು ಸರ್ಕಾರದ ಮೇಲೆ ಒತ್ತಡ ಹೇರಬೇಕು. ಜನರು ಸಂಕಷ್ಟದಲ್ಲಿದ್ದಾರೆ. ಶಾಲಾ ವಿದ್ಯಾರ್ಥಿಗಳು, ರೋಗಿಗಳು ತೊಂದರೆ ಅನುಭವಿಸುತ್ತಿದ್ದಾರೆ ಎಂದು ಹೇಳಿದರು.
ಬೆಂಗಳೂರಿನ ಈಗ ರಸ್ತೆ ದುರಸ್ತಿ ನಡೆಯುತ್ತಿದೆ ಎಂದು ಪತ್ರಿಕಾ ಹೇಳಿಕೆ ನೀಡಿದ್ದಾರೆ. ಆದರೆ ಗ್ರಾಮೀಣ ಭಾಗದಲ್ಲಿ ರಸ್ತೆ ದುರಸ್ತಿ ಮಾಡಲು ಸರ್ಕಾರದ ಬಳಿ ಹಣ ಇಲ್ಲ.
ಹೊಂಡಗಳನ್ನು ಸರ್ಕಾರ ಮುಚ್ಚುವ ಕೆಲಸ ಮಾಡಬೇಕು. ಗ್ರಾಮೀಣ ಜನರ ಸಮಸ್ಯೆಗಳಿಗೆ ಸ್ಪಂದಿಸಬೇಕು. ಲೋಕೋಪಯೋಗಿ ಇಲಾಖೆಯ ಅಧಿಕಾರಿಗಳು ಸಮರ್ಪಕ ಕೆಲಸ ಮಾಡುತ್ತಿಲ್ಲ. ಈ ಬಗ್ಗೆ ಸರ್ಕಾರ ಕ್ರಮ ಕೈಗೊಳ್ಳಬೇಕು. ರಾಜ್ಯ ಸರ್ಕಾರದ ವಿರುದ್ಧ ಹೋರಾಟ ನಡೆಸುವುದಾಗಿ ಹೇಳಿದರು. ಗೋಷ್ಠಿಯಲ್ಲಿ ಬಿಜೆಪಿ ನಗರ ಮಂಡಲ ಅಧ್ಯಕ್ಷ ಶಿವಕುಮಾರ್, ಜಿಲ್ಲಾ ಕಾರ್ಯದರ್ಶಿ ಆರ್. ಸಿ. ನಾರಾಯಣ, ಪ್ರಮುಖರು ಉಪಸ್ಥಿತರಿದ್ದರು.
ಎಂದರು. ರಾಜ್ಯ ರಸ್ತೆ ಬಗ್ಗೆ ಮಾತನಾಡಿ, ಪುತ್ತೂರು ಗ್ರಾಮೀಣ ರಸ್ತೆಗಳ ಹೊಂಡ ಮುಚ್ಚಲು ಶಾಸಕರು ಮುಂದಾಗಬೇಕು. ಈಗಾಗಲೇ ಹಲವು ರಸ್ತೆಗಳಲ್ಲಿ ಸಂಚಾರ ದುಸ್ತರವಾಗಿದೆ. ಗ್ರಾಮಸ್ಥರು ಸ್ವಂತ ಹಣದಿಂದ ಹೊಂಡ ಮುಚ್ಚುವ ಸ್ಥಿತಿ ನಿರ್ಮಾಣವಾಗಿದೆ. ಹೊಂಡ ಮುಚ್ಚಲು ಕಲ್ಲು ಮಣ್ಣು ಬೇಕು, ಅದಕ್ಕೂ ಹಣವಿಲ್ಲ ಎನ್ನುವ ಪರಿಸ್ಥಿತಿ ಇದೆ. ಸರ್ಕಾರ ಗ್ಯಾರಂಟಿ ಯೋಜನೆಗಳ ಹೆಸರಿನಲ್ಲಿ ಅಭಿವೃದ್ಧಿ ಕಾರ್ಯ ಕಡೆಗಣಿಸಿದೆ ಎಂದರು.
Edited, Printed and Published by B.T. Amuthan at Nireshwalya Cross Road, Goods Shed Road, Bander, Mangalore-575 001. For M/s Karnataka News Publications (P) Ltd., and
Printed at Sanjevani, Nireshwalya Cross Road, Goods Shed Road, Bander, Mangalore-575 001. RNI KARKAN/2004/14701
